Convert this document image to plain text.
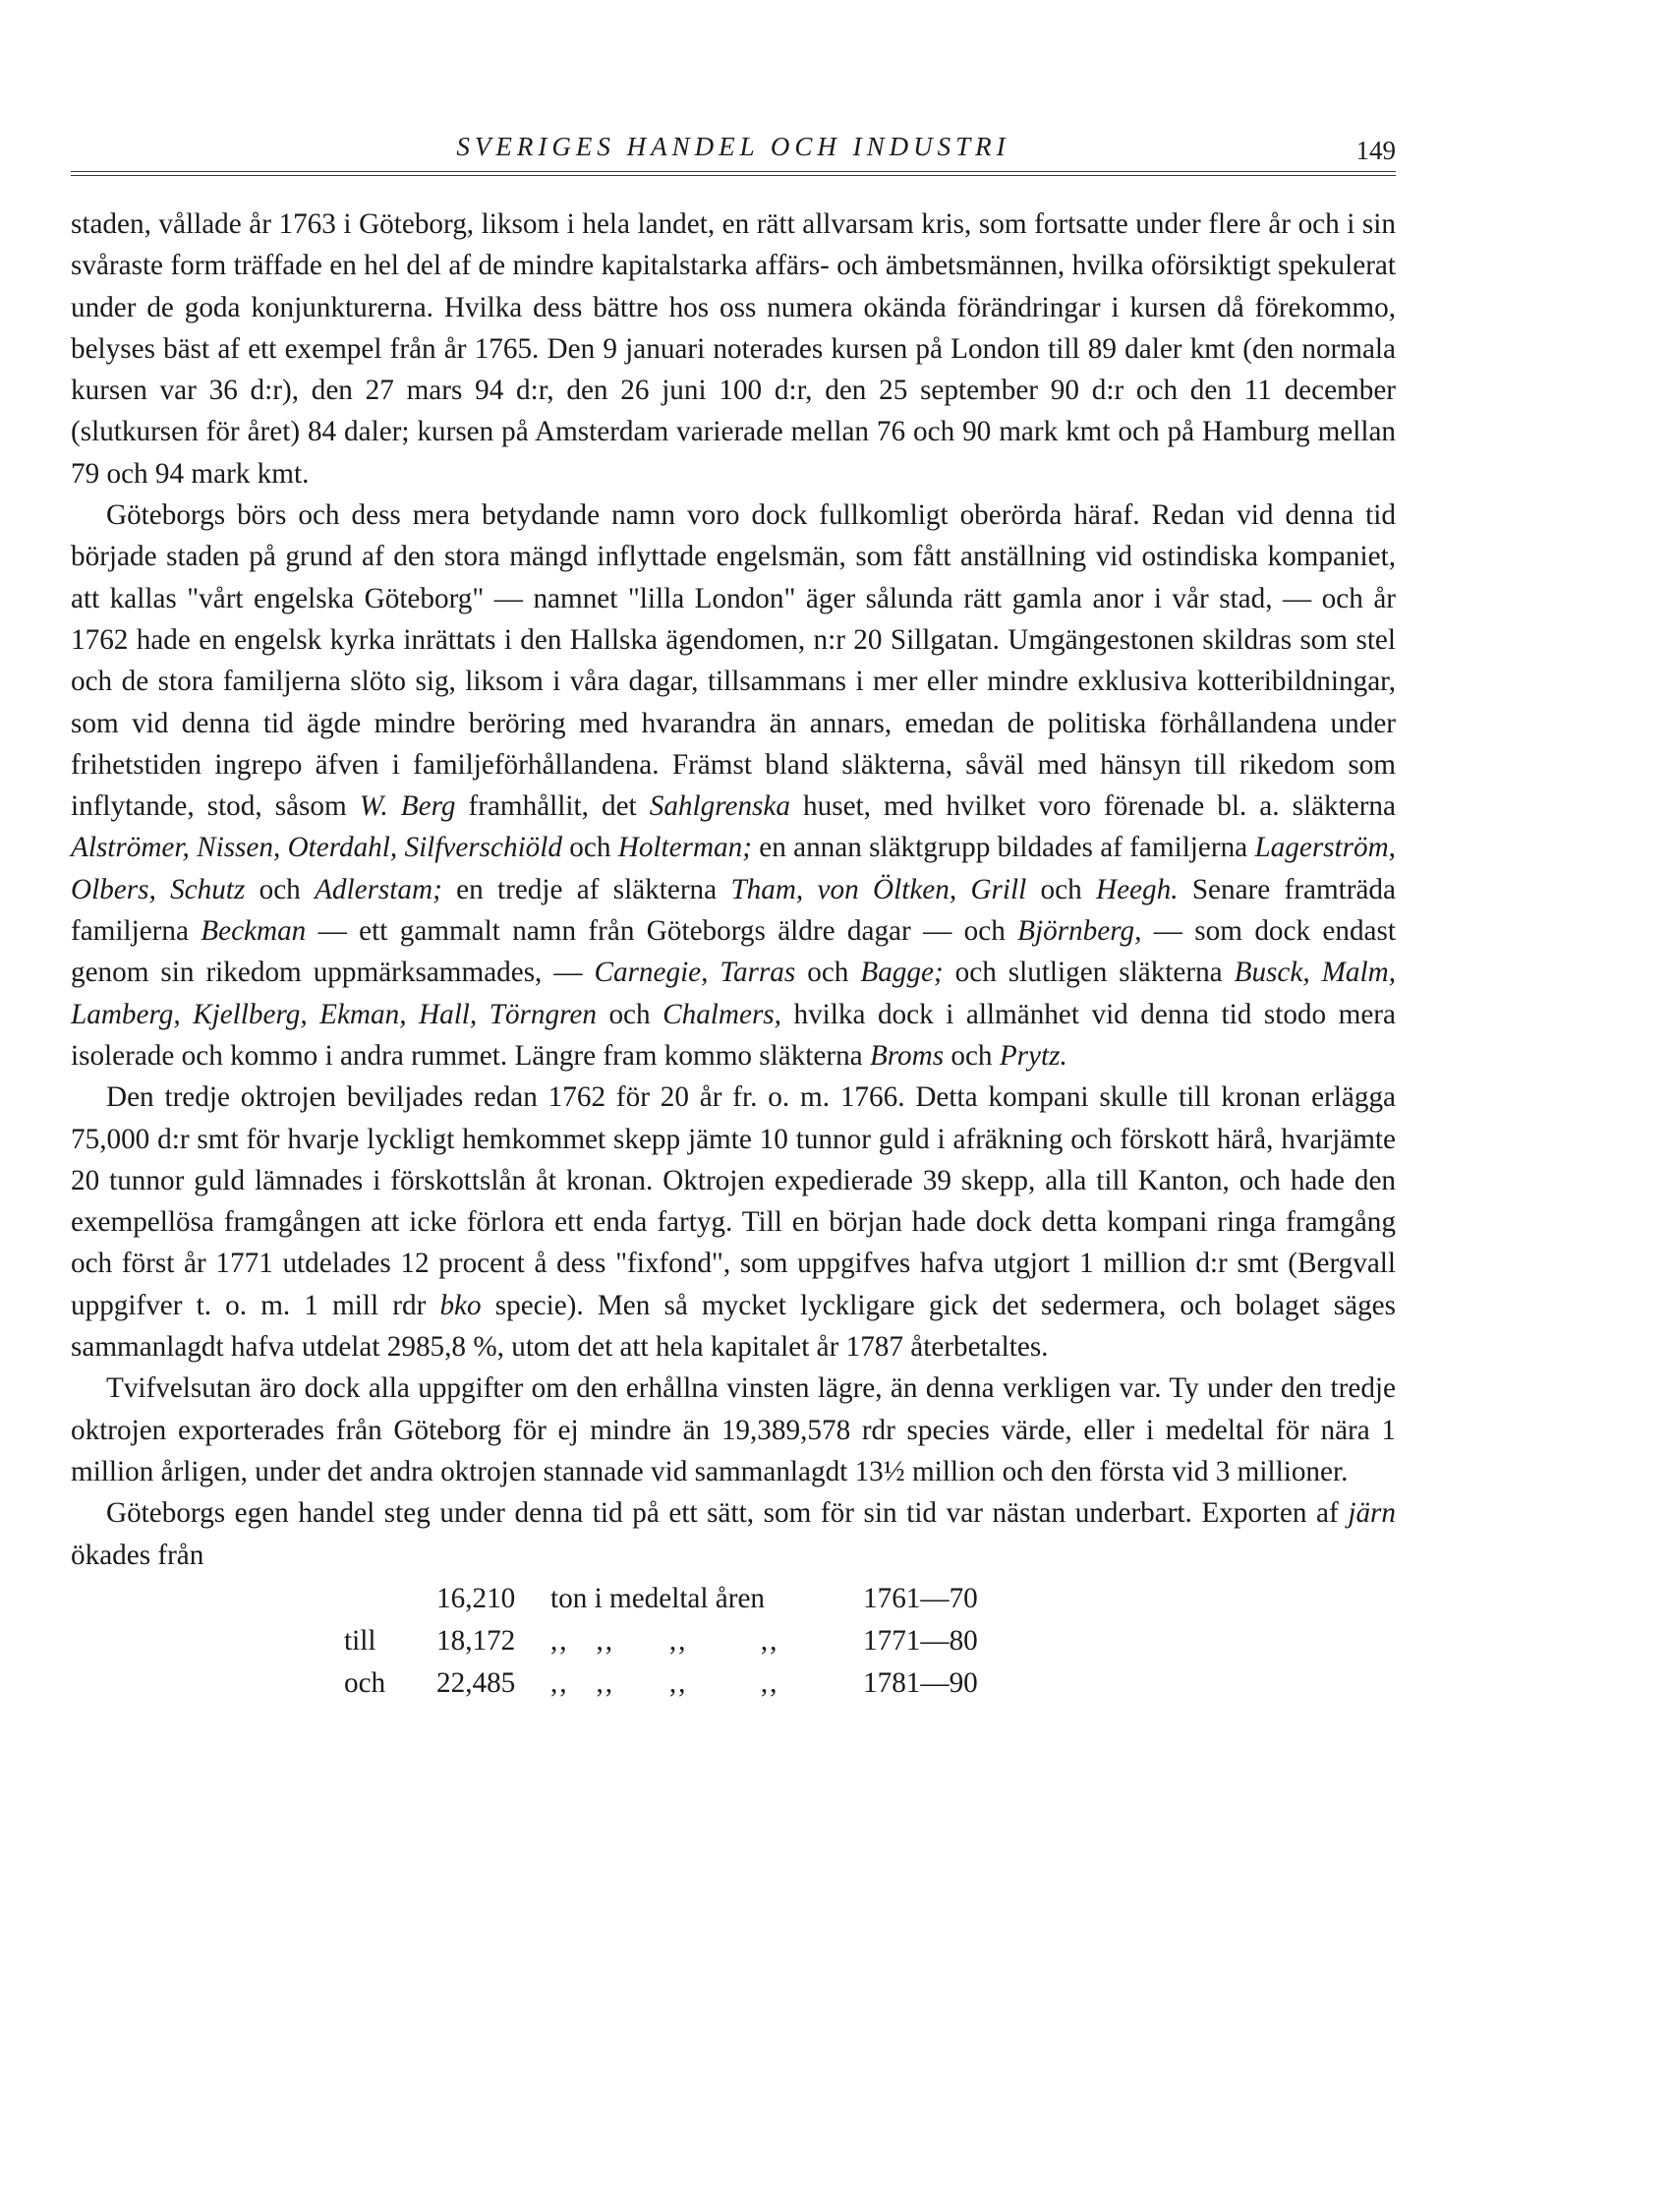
SVERIGES HANDEL OCH INDUSTRI	149

staden, vållade år 1763 i Göteborg, liksom i hela landet, en rätt allvarsam kris, som fortsatte under flere år och i sin svåraste form träffade en hel del af de mindre kapitalstarka affärs- och ämbetsmännen, hvilka oförsiktigt spekulerat under de goda konjunkturerna. Hvilka dess bättre hos oss numera okända förändringar i kursen då förekommo, belyses bäst af ett exempel från år 1765. Den 9 januari noterades kursen på London till 89 daler kmt (den normala kursen var 36 d:r), den 27 mars 94 d:r, den 26 juni 100 d:r, den 25 september 90 d:r och den 11 december (slutkursen för året) 84 daler; kursen på Amsterdam varierade mellan 76 och 90 mark kmt och på Hamburg mellan 79 och 94 mark kmt.

Göteborgs börs och dess mera betydande namn voro dock fullkomligt oberörda häraf. Redan vid denna tid började staden på grund af den stora mängd inflyttade engelsmän, som fått anställning vid ostindiska kompaniet, att kallas "vårt engelska Göteborg" — namnet "lilla London" äger sålunda rätt gamla anor i vår stad, — och år 1762 hade en engelsk kyrka inrättats i den Hallska ägendomen, n:r 20 Sillgatan. Umgängestonen skildras som stel och de stora familjerna slöto sig, liksom i våra dagar, tillsammans i mer eller mindre exklusiva kotteribildningar, som vid denna tid ägde mindre beröring med hvarandra än annars, emedan de politiska förhållandena under frihetstiden ingrepo äfven i familjeförhållandena. Främst bland släkterna, såväl med hänsyn till rikedom som inflytande, stod, såsom W. Berg framhållit, det Sahlgrenska huset, med hvilket voro förenade bl. a. släkterna Alströmer, Nissen, Oterdahl, Silfverschiöld och Holterman; en annan släktgrupp bildades af familjerna Lagerström, Olbers, Schutz och Adlerstam; en tredje af släkterna Tham, von Öltken, Grill och Heegh. Senare framträda familjerna Beckman — ett gammalt namn från Göteborgs äldre dagar — och Björnberg, — som dock endast genom sin rikedom uppmärksammades, — Carnegie, Tarras och Bagge; och slutligen släkterna Busck, Malm, Lamberg, Kjellberg, Ekman, Hall, Törngren och Chalmers, hvilka dock i allmänhet vid denna tid stodo mera isolerade och kommo i andra rummet. Längre fram kommo släkterna Broms och Prytz.

Den tredje oktrojen beviljades redan 1762 för 20 år fr. o. m. 1766. Detta kompani skulle till kronan erlägga 75,000 d:r smt för hvarje lyckligt hemkommet skepp jämte 10 tunnor guld i afräkning och förskott härå, hvarjämte 20 tunnor guld lämnades i förskottslån åt kronan. Oktrojen expedierade 39 skepp, alla till Kanton, och hade den exempellösa framgången att icke förlora ett enda fartyg. Till en början hade dock detta kompani ringa framgång och först år 1771 utdelades 12 procent å dess "fixfond", som uppgifves hafva utgjort 1 million d:r smt (Bergvall uppgifver t. o. m. 1 mill rdr bko specie). Men så mycket lyckligare gick det sedermera, och bolaget säges sammanlagdt hafva utdelat 2985,8 %, utom det att hela kapitalet år 1787 återbetaltes.

Tvifvelsutan äro dock alla uppgifter om den erhållna vinsten lägre, än denna verkligen var. Ty under den tredje oktrojen exporterades från Göteborg för ej mindre än 19,389,578 rdr species värde, eller i medeltal för nära 1 million årligen, under det andra oktrojen stannade vid sammanlagdt 13½ million och den första vid 3 millioner.

Göteborgs egen handel steg under denna tid på ett sätt, som för sin tid var nästan underbart. Exporten af järn ökades från

16,210 ton i medeltal åren	1761—70
till 18,172 ,,   ,,      ,,        ,,	1771—80
och 22,485 ,,   ,,      ,,        ,,	1781—90
